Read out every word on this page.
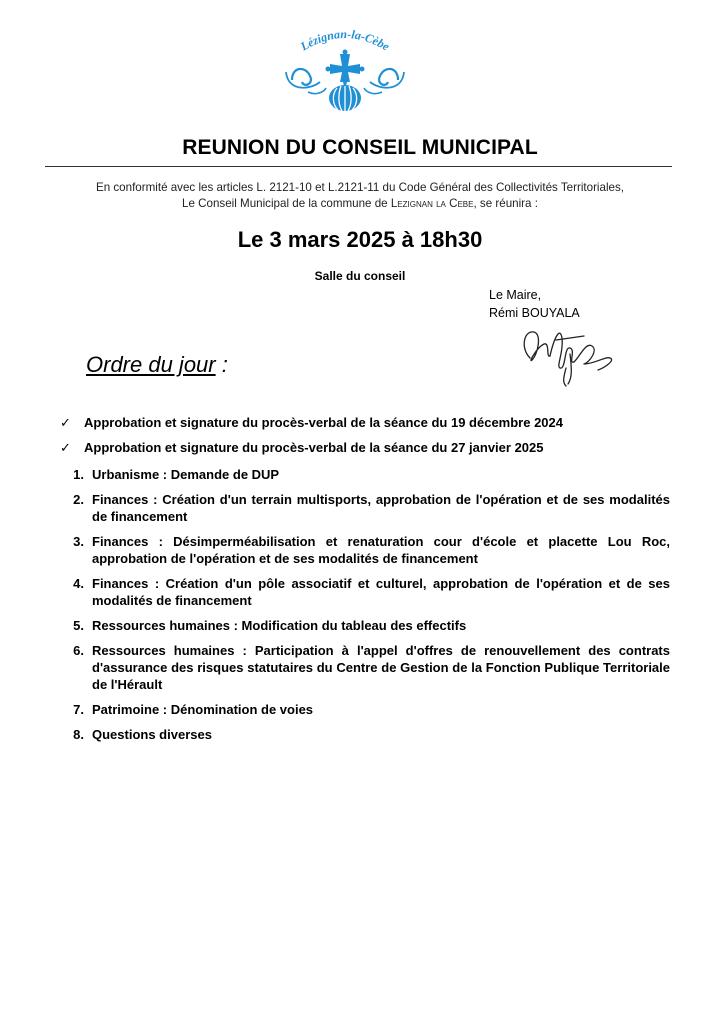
Lézignan-la-Cèbe
REUNION DU CONSEIL MUNICIPAL
En conformité avec les articles L. 2121-10 et L.2121-11 du Code Général des Collectivités Territoriales,
Le Conseil Municipal de la commune de Lezignan la Cebe, se réunira :
Le 3 mars 2025 à 18h30
Salle du conseil
Le Maire,
Rémi BOUYALA
Ordre du jour :
✓	Approbation et signature du procès-verbal de la séance du 19 décembre 2024
✓	Approbation et signature du procès-verbal de la séance du 27 janvier 2025
1. Urbanisme : Demande de DUP
2. Finances : Création d'un terrain multisports, approbation de l'opération et de ses modalités de financement
3. Finances : Désimperméabilisation et renaturation cour d'école et placette Lou Roc, approbation de l'opération et de ses modalités de financement
4. Finances : Création d'un pôle associatif et culturel, approbation de l'opération et de ses modalités de financement
5. Ressources humaines : Modification du tableau des effectifs
6. Ressources humaines : Participation à l'appel d'offres de renouvellement des contrats d'assurance des risques statutaires du Centre de Gestion de la Fonction Publique Territoriale de l'Hérault
7. Patrimoine : Dénomination de voies
8. Questions diverses
